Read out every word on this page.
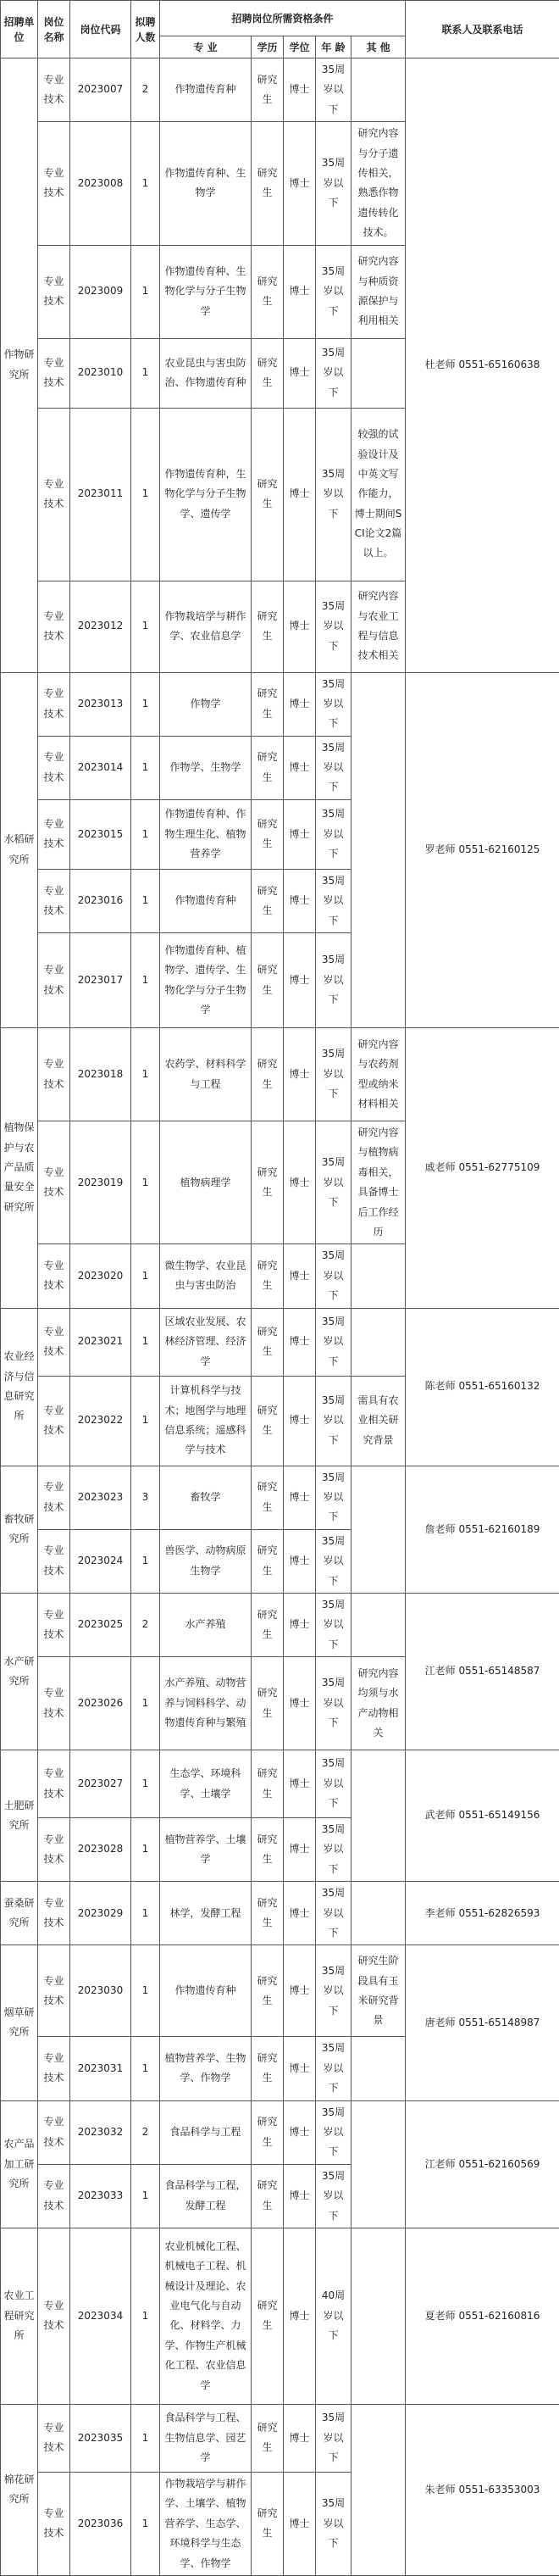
招聘单位	岗位名称	岗位代码	拟聘人数	招聘岗位所需资格条件					联系人及联系电话
				专 业	学历	学位	年 龄	其 他	
作物研究所	专业技术	2023007	2	作物遗传育种	研究生	博士	35周岁以下		杜老师 0551-65160638
	专业技术	2023008	1	作物遗传育种、生物学	研究生	博士	35周岁以下	研究内容与分子遗传相关，熟悉作物遗传转化技术。	
	专业技术	2023009	1	作物遗传育种、生物化学与分子生物学	研究生	博士	35周岁以下	研究内容与种质资源保护与利用相关	
	专业技术	2023010	1	农业昆虫与害虫防治、作物遗传育种	研究生	博士	35周岁以下		
	专业技术	2023011	1	作物遗传育种，生物化学与分子生物学、遗传学	研究生	博士	35周岁以下	较强的试验设计及中英文写作能力，博士期间SCI论文2篇以上。	
	专业技术	2023012	1	作物栽培学与耕作学、农业信息学	研究生	博士	35周岁以下	研究内容与农业工程与信息技术相关	
水稻研究所	专业技术	2023013	1	作物学	研究生	博士	35周岁以下		罗老师 0551-62160125
	专业技术	2023014	1	作物学、生物学	研究生	博士	35周岁以下		
	专业技术	2023015	1	作物遗传育种、作物生理生化、植物营养学	研究生	博士	35周岁以下		
	专业技术	2023016	1	作物遗传育种	研究生	博士	35周岁以下		
	专业技术	2023017	1	作物遗传育种、植物学、遗传学、生物化学与分子生物学	研究生	博士	35周岁以下		
植物保护与农产品质量安全研究所	专业技术	2023018	1	农药学、材料科学与工程	研究生	博士	35周岁以下	研究内容与农药剂型或纳米材料相关	戚老师 0551-62775109
	专业技术	2023019	1	植物病理学	研究生	博士	35周岁以下	研究内容与植物病毒相关，具备博士后工作经历	
	专业技术	2023020	1	微生物学、农业昆虫与害虫防治	研究生	博士	35周岁以下		
农业经济与信息研究所	专业技术	2023021	1	区域农业发展、农林经济管理、经济学	研究生	博士	35周岁以下		陈老师 0551-65160132
	专业技术	2023022	1	计算机科学与技术；地图学与地理信息系统；遥感科学与技术	研究生	博士	35周岁以下	需具有农业相关研究背景	
畜牧研究所	专业技术	2023023	3	畜牧学	研究生	博士	35周岁以下		詹老师 0551-62160189
	专业技术	2023024	1	兽医学、动物病原生物学	研究生	博士	35周岁以下		
水产研究所	专业技术	2023025	2	水产养殖	研究生	博士	35周岁以下		江老师 0551-65148587
	专业技术	2023026	1	水产养殖、动物营养与饲料科学、动物遗传育种与繁殖	研究生	博士	35周岁以下	研究内容均须与水产动物相关	
土肥研究所	专业技术	2023027	1	生态学、环境科学、土壤学	研究生	博士	35周岁以下		武老师 0551-65149156
	专业技术	2023028	1	植物营养学、土壤学	研究生	博士	35周岁以下		
蚕桑研究所	专业技术	2023029	1	林学，发酵工程	研究生	博士	35周岁以下		李老师 0551-62826593
烟草研究所	专业技术	2023030	1	作物遗传育种	研究生	博士	35周岁以下	研究生阶段具有玉米研究背景	唐老师 0551-65148987
	专业技术	2023031	1	植物营养学、生物学、作物学	研究生	博士	35周岁以下		
农产品加工研究所	专业技术	2023032	2	食品科学与工程	研究生	博士	35周岁以下		江老师 0551-62160569
	专业技术	2023033	1	食品科学与工程，发酵工程	研究生	博士	35周岁以下		
农业工程研究所	专业技术	2023034	1	农业机械化工程、机械电子工程、机械设计及理论、农业电气化与自动化、材料学、力学、作物生产机械化工程、农业信息学	研究生	博士	40周岁以下		夏老师 0551-62160816
棉花研究所	专业技术	2023035	1	食品科学与工程、生物信息学、园艺学	研究生	博士	35周岁以下		朱老师 0551-63353003
	专业技术	2023036	1	作物栽培学与耕作学、土壤学、植物营养学、生态学、环境科学与生态学、作物学	研究生	博士	35周岁以下		
